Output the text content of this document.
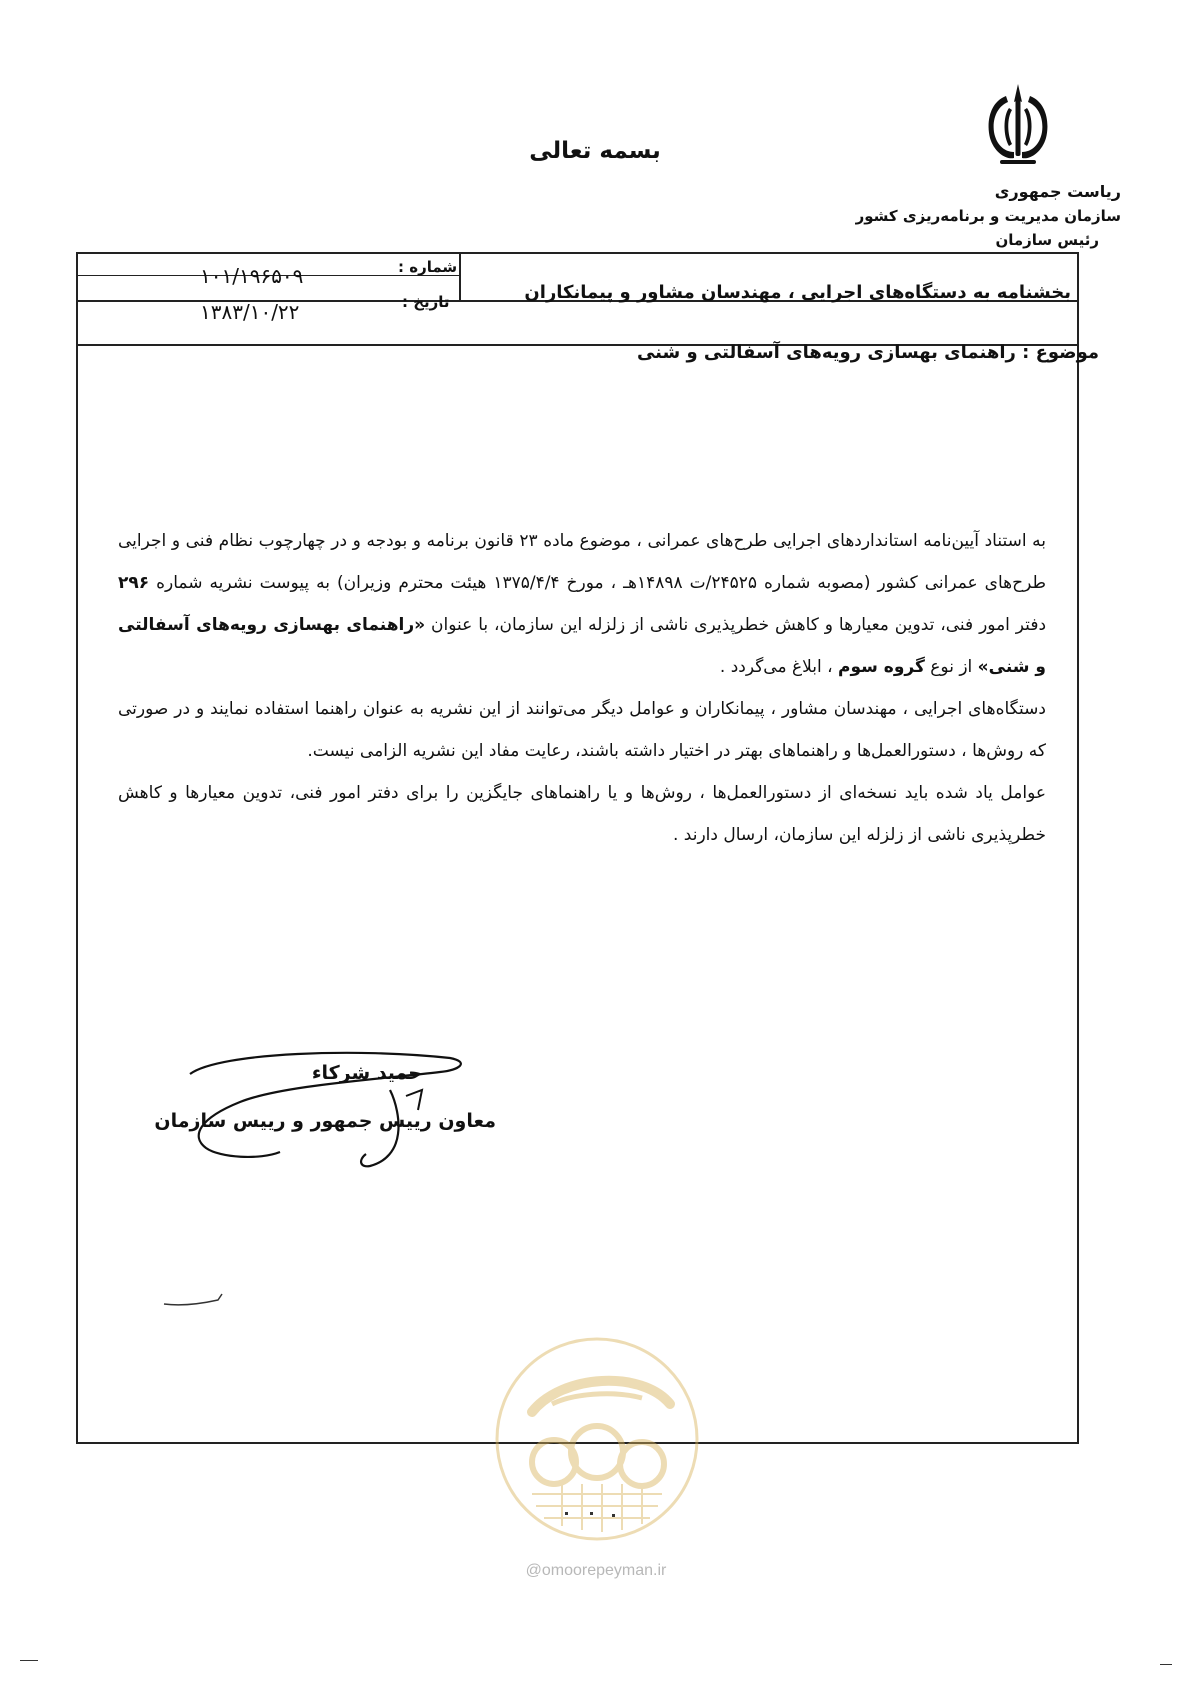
بسمه تعالی
ریاست جمهوری
سازمان مدیریت و برنامه‌ریزی کشور
رئیس سازمان
بخشنامه به دستگاه‌های اجرایی ، مهندسان مشاور و پیمانکاران
شماره :
۱۰۱/۱۹۶۵۰۹
تاریخ :
۱۳۸۳/۱۰/۲۲
موضوع : راهنمای بهسازی رویه‌های آسفالتی و شنی

به استناد آیین‌نامه استانداردهای اجرایی طرح‌های عمرانی ، موضوع ماده ۲۳ قانون برنامه و بودجه و در چهارچوب نظام فنی و اجرایی طرح‌های عمرانی کشور (مصوبه شماره ۲۴۵۲۵/ت ۱۴۸۹۸هـ ، مورخ ۱۳۷۵/۴/۴ هیئت محترم وزیران) به پیوست نشریه شماره ۲۹۶ دفتر امور فنی، تدوین معیارها و کاهش خطرپذیری ناشی از زلزله این سازمان، با عنوان «راهنمای بهسازی رویه‌های آسفالتی و شنی» از نوع گروه سوم ، ابلاغ می‌گردد .

دستگاه‌های اجرایی ، مهندسان مشاور ، پیمانکاران و عوامل دیگر می‌توانند از این نشریه به عنوان راهنما استفاده نمایند و در صورتی که روش‌ها ، دستورالعمل‌ها و راهنماهای بهتر در اختیار داشته باشند، رعایت مفاد این نشریه الزامی نیست.

عوامل یاد شده باید نسخه‌ای از دستورالعمل‌ها ، روش‌ها و یا راهنماهای جایگزین را برای دفتر امور فنی، تدوین معیارها و کاهش خطرپذیری ناشی از زلزله این سازمان، ارسال دارند .

حمید شرکاء
معاون رییس جمهور و رییس سازمان
@omoorepeyman.ir
